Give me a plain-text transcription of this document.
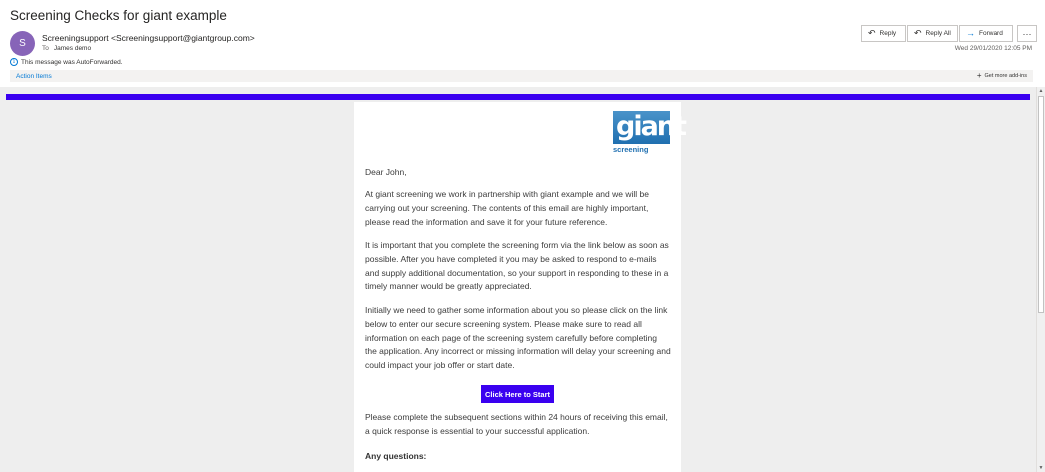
Screening Checks for giant example
S Screeningsupport <Screeningsupport@giantgroup.com>
To James demo
i This message was AutoForwarded.
↶ Reply ↶ Reply All → Forward ···
Wed 29/01/2020 12:05 PM
Action Items	+ Get more add-ins
giant
screening

Dear John,

At giant screening we work in partnership with giant example and we will be carrying out your screening. The contents of this email are highly important, please read the information and save it for your future reference.

It is important that you complete the screening form via the link below as soon as possible. After you have completed it you may be asked to respond to e-mails and supply additional documentation, so your support in responding to these in a timely manner would be greatly appreciated.

Initially we need to gather some information about you so please click on the link below to enter our secure screening system. Please make sure to read all information on each page of the screening system carefully before completing the application. Any incorrect or missing information will delay your screening and could impact your job offer or start date.

Click Here to Start

Please complete the subsequent sections within 24 hours of receiving this email, a quick response is essential to your successful application.

Any questions:

▲
▼
